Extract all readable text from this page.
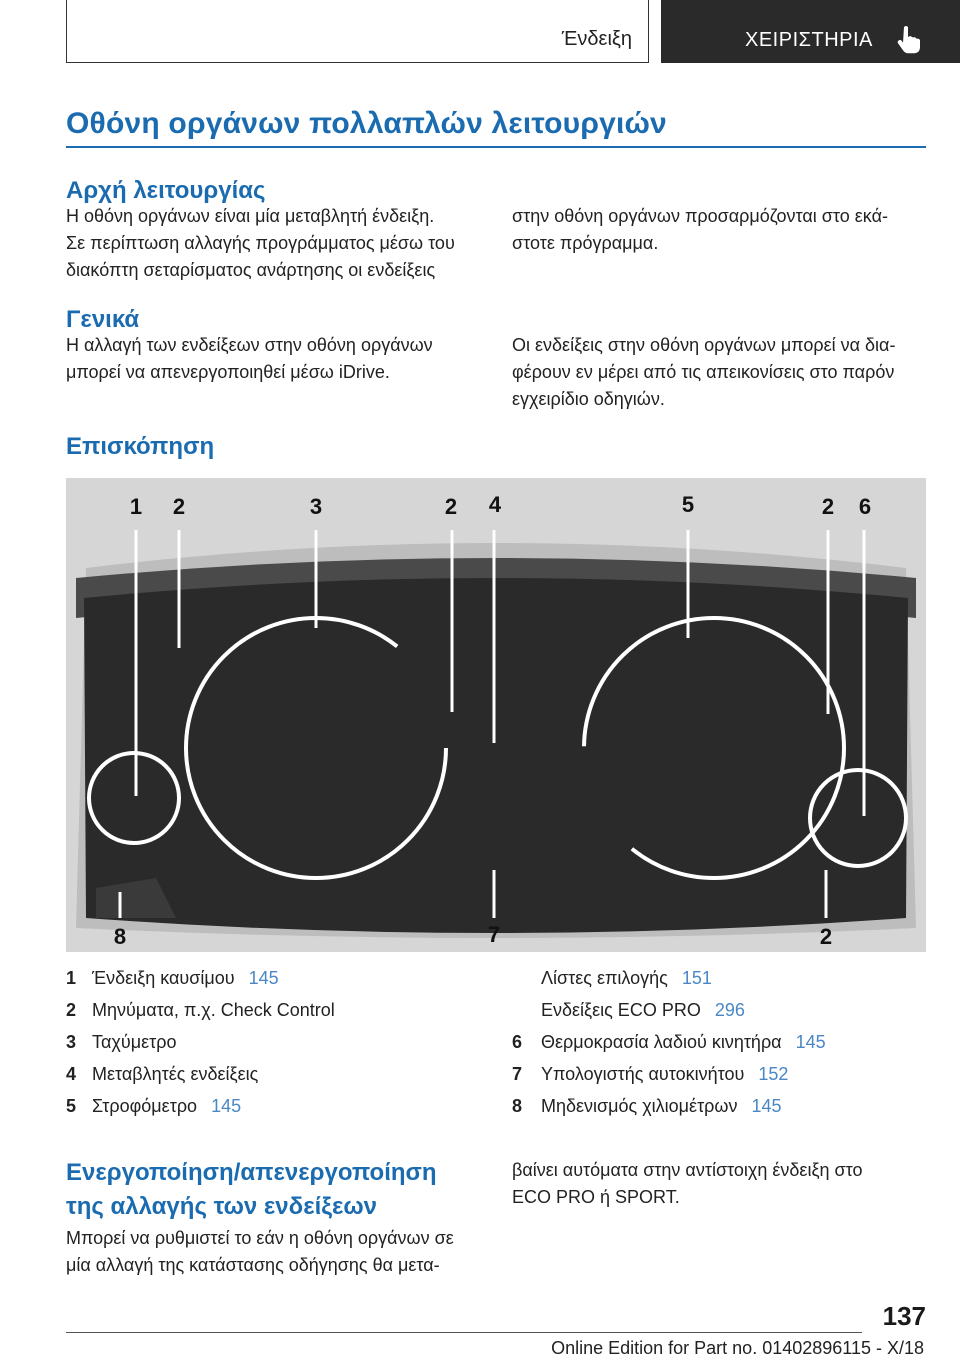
Ένδειξη	ΧΕΙΡΙΣΤΗΡΙΑ
Οθόνη οργάνων πολλαπλών λειτουργιών
Αρχή λειτουργίας
Η οθόνη οργάνων είναι μία μεταβλητή ένδειξη.
Σε περίπτωση αλλαγής προγράμματος μέσω του
διακόπτη σεταρίσματος ανάρτησης οι ενδείξεις
στην οθόνη οργάνων προσαρμόζονται στο εκά-
στοτε πρόγραμμα.
Γενικά
Η αλλαγή των ενδείξεων στην οθόνη οργάνων
μπορεί να απενεργοποιηθεί μέσω iDrive.
Οι ενδείξεις στην οθόνη οργάνων μπορεί να δια-
φέρουν εν μέρει από τις απεικονίσεις στο παρόν
εγχειρίδιο οδηγιών.
Επισκόπηση
1 2	3	2 4	5	2 6
8	7	2
1 Ένδειξη καυσίμου 145
2 Μηνύματα, π.χ. Check Control
3 Ταχύμετρο
4 Μεταβλητές ενδείξεις
5 Στροφόμετρο 145
Λίστες επιλογής 151
Ενδείξεις ECO PRO 296
6 Θερμοκρασία λαδιού κινητήρα 145
7 Υπολογιστής αυτοκινήτου 152
8 Μηδενισμός χιλιομέτρων 145
Ενεργοποίηση/απενεργοποίηση
της αλλαγής των ενδείξεων
Μπορεί να ρυθμιστεί το εάν η οθόνη οργάνων σε
μία αλλαγή της κατάστασης οδήγησης θα μετα-
βαίνει αυτόματα στην αντίστοιχη ένδειξη στο
ECO PRO ή SPORT.
137
Online Edition for Part no. 01402896115 - X/18
